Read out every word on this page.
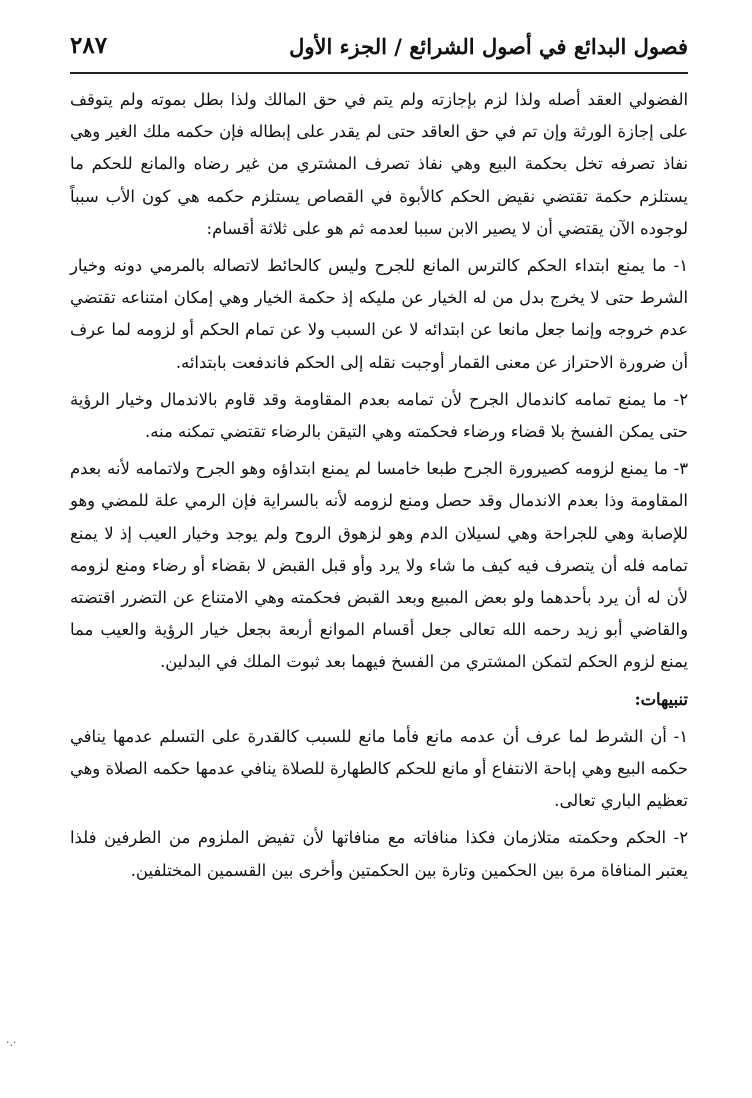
فصول البدائع في أصول الشرائع / الجزء الأول
٢٨٧

الفضولي العقد أصله ولذا لزم بإجازته ولم يتم في حق المالك ولذا بطل بموته ولم يتوقف على إجازة الورثة وإن تم في حق العاقد حتى لم يقدر على إبطاله فإن حكمه ملك الغير وهي نفاذ تصرفه تخل بحكمة البيع وهي نفاذ تصرف المشتري من غير رضاه والمانع للحكم ما يستلزم حكمة تقتضي نقيض الحكم كالأبوة في القصاص يستلزم حكمه هي كون الأب سبباً لوجوده الآن يقتضي أن لا يصير الابن سببا لعدمه ثم هو على ثلاثة أقسام:

١- ما يمنع ابتداء الحكم كالترس المانع للجرح وليس كالحائط لاتصاله بالمرمي دونه وخيار الشرط حتى لا يخرج بدل من له الخيار عن مليكه إذ حكمة الخيار وهي إمكان امتناعه تقتضي عدم خروجه وإنما جعل مانعا عن ابتدائه لا عن السبب ولا عن تمام الحكم أو لزومه لما عرف أن ضرورة الاحتراز عن معنى القمار أوجبت نقله إلى الحكم فاندفعت بابتدائه.

٢- ما يمنع تمامه كاندمال الجرح لأن تمامه بعدم المقاومة وقد قاوم بالاندمال وخيار الرؤية حتى يمكن الفسخ بلا قضاء ورضاء فحكمته وهي التيقن بالرضاء تقتضي تمكنه منه.

٣- ما يمنع لزومه كصيرورة الجرح طبعا خامسا لم يمنع ابتداؤه وهو الجرح ولاتمامه لأنه بعدم المقاومة وذا بعدم الاندمال وقد حصل ومنع لزومه لأنه بالسراية فإن الرمي علة للمضي وهو للإصابة وهي للجراحة وهي لسيلان الدم وهو لزهوق الروح ولم يوجد وخيار العيب إذ لا يمنع تمامه فله أن يتصرف فيه كيف ما شاء ولا يرد وأو قبل القبض لا بقضاء أو رضاء ومنع لزومه لأن له أن يرد بأحدهما ولو بعض المبيع وبعد القبض فحكمته وهي الامتناع عن التضرر اقتضته والقاضي أبو زيد رحمه الله تعالى جعل أقسام الموانع أربعة بجعل خيار الرؤية والعيب مما يمنع لزوم الحكم لتمكن المشتري من الفسخ فيهما بعد ثبوت الملك في البدلين.

تنبيهات:

١- أن الشرط لما عرف أن عدمه مانع فأما مانع للسبب كالقدرة على التسلم عدمها ينافي حكمه البيع وهي إباحة الانتفاع أو مانع للحكم كالطهارة للصلاة ينافي عدمها حكمه الصلاة وهي تعظيم الباري تعالى.

٢- الحكم وحكمته متلازمان فكذا منافاته مع منافاتها لأن تفيض الملزوم من الطرفين فلذا يعتبر المنافاة مرة بين الحكمين وتارة بين الحكمتين وأخرى بين القسمين المختلفين.

·.·
